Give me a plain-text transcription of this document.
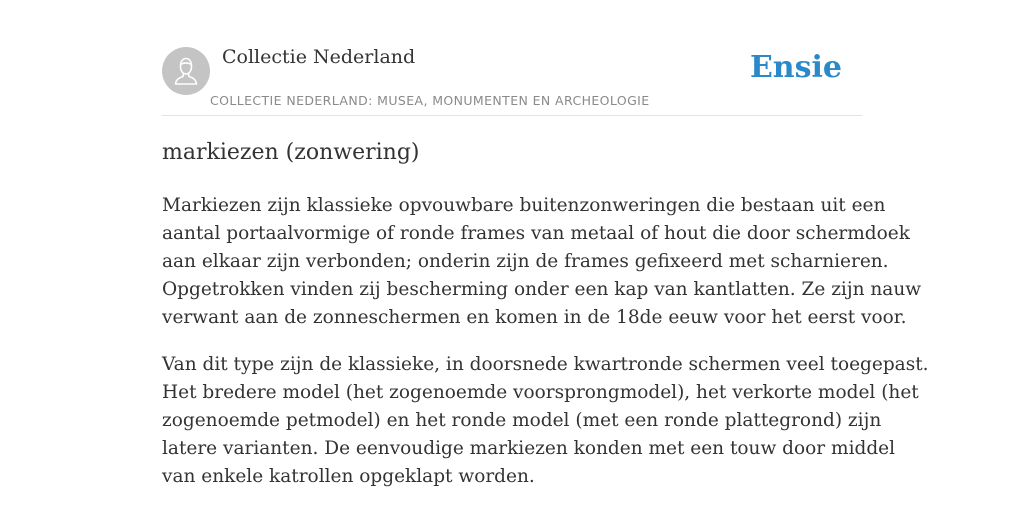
Collectie Nederland
COLLECTIE NEDERLAND: MUSEA, MONUMENTEN EN ARCHEOLOGIE
Ensie
markiezen (zonwering)

Markiezen zijn klassieke opvouwbare buitenzonweringen die bestaan uit een
aantal portaalvormige of ronde frames van metaal of hout die door schermdoek
aan elkaar zijn verbonden; onderin zijn de frames gefixeerd met scharnieren.
Opgetrokken vinden zij bescherming onder een kap van kantlatten. Ze zijn nauw
verwant aan de zonneschermen en komen in de 18de eeuw voor het eerst voor.

Van dit type zijn de klassieke, in doorsnede kwartronde schermen veel toegepast.
Het bredere model (het zogenoemde voorsprongmodel), het verkorte model (het
zogenoemde petmodel) en het ronde model (met een ronde plattegrond) zijn
latere varianten. De eenvoudige markiezen konden met een touw door middel
van enkele katrollen opgeklapt worden.
